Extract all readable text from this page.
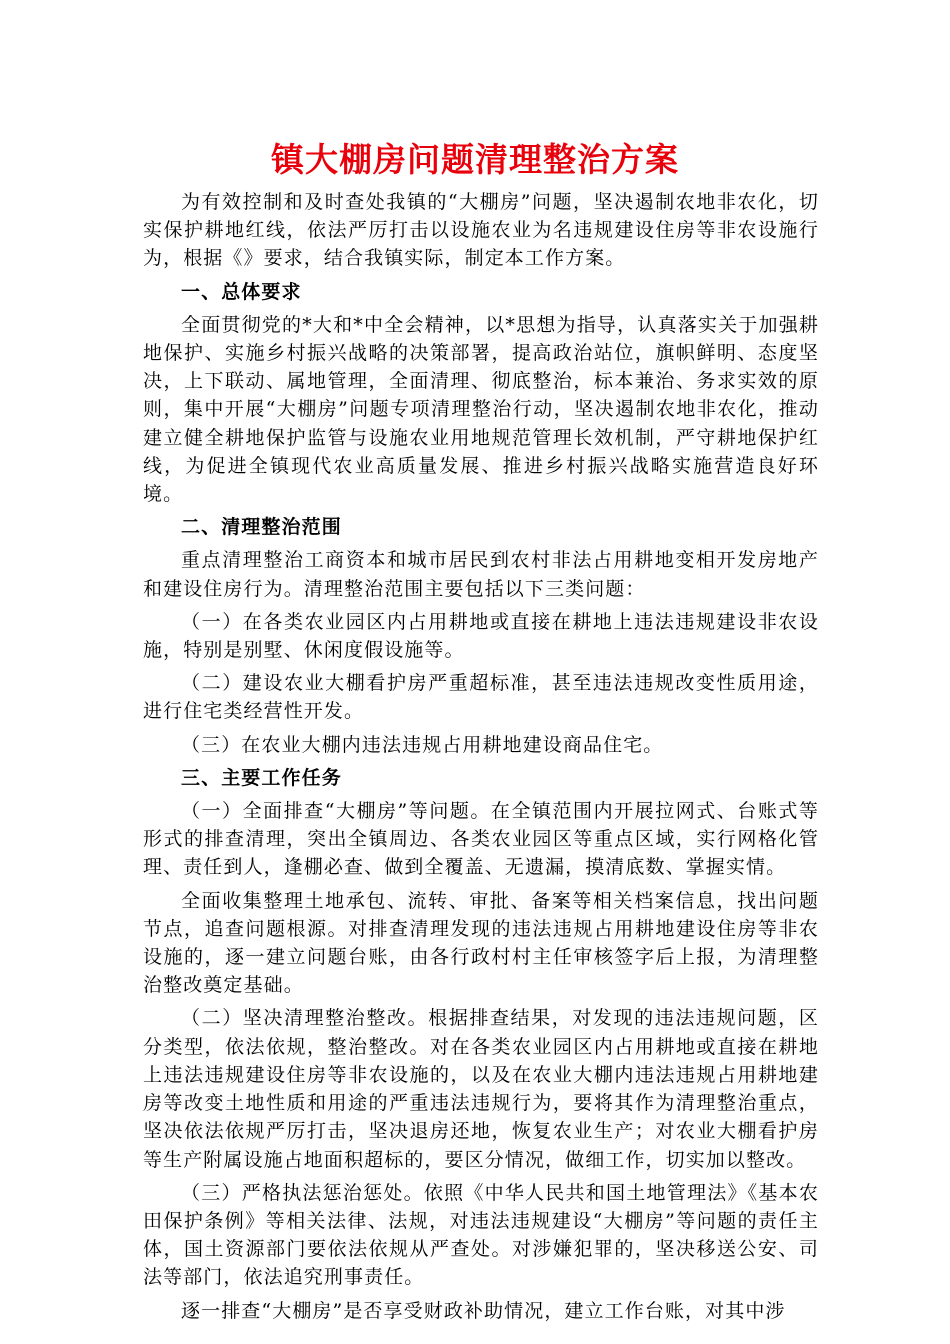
镇大棚房问题清理整治方案

为有效控制和及时查处我镇的“大棚房”问题，坚决遏制农地非农化，切实保护耕地红线，依法严厉打击以设施农业为名违规建设住房等非农设施行为，根据《》要求，结合我镇实际，制定本工作方案。

一、总体要求

全面贯彻党的*大和*中全会精神，以*思想为指导，认真落实关于加强耕地保护、实施乡村振兴战略的决策部署，提高政治站位，旗帜鲜明、态度坚决，上下联动、属地管理，全面清理、彻底整治，标本兼治、务求实效的原则，集中开展“大棚房”问题专项清理整治行动，坚决遏制农地非农化，推动建立健全耕地保护监管与设施农业用地规范管理长效机制，严守耕地保护红线，为促进全镇现代农业高质量发展、推进乡村振兴战略实施营造良好环境。

二、清理整治范围

重点清理整治工商资本和城市居民到农村非法占用耕地变相开发房地产和建设住房行为。清理整治范围主要包括以下三类问题：

（一）在各类农业园区内占用耕地或直接在耕地上违法违规建设非农设施，特别是别墅、休闲度假设施等。

（二）建设农业大棚看护房严重超标准，甚至违法违规改变性质用途，进行住宅类经营性开发。

（三）在农业大棚内违法违规占用耕地建设商品住宅。

三、主要工作任务

（一）全面排查“大棚房”等问题。在全镇范围内开展拉网式、台账式等形式的排查清理，突出全镇周边、各类农业园区等重点区域，实行网格化管理、责任到人，逢棚必查、做到全覆盖、无遗漏，摸清底数、掌握实情。

全面收集整理土地承包、流转、审批、备案等相关档案信息，找出问题节点，追查问题根源。对排查清理发现的违法违规占用耕地建设住房等非农设施的，逐一建立问题台账，由各行政村村主任审核签字后上报，为清理整治整改奠定基础。

（二）坚决清理整治整改。根据排查结果，对发现的违法违规问题，区分类型，依法依规，整治整改。对在各类农业园区内占用耕地或直接在耕地上违法违规建设住房等非农设施的，以及在农业大棚内违法违规占用耕地建房等改变土地性质和用途的严重违法违规行为，要将其作为清理整治重点，坚决依法依规严厉打击，坚决退房还地，恢复农业生产；对农业大棚看护房等生产附属设施占地面积超标的，要区分情况，做细工作，切实加以整改。

（三）严格执法惩治惩处。依照《中华人民共和国土地管理法》《基本农田保护条例》等相关法律、法规，对违法违规建设“大棚房”等问题的责任主体，国土资源部门要依法依规从严查处。对涉嫌犯罪的，坚决移送公安、司法等部门，依法追究刑事责任。

逐一排查“大棚房”是否享受财政补助情况，建立工作台账，对其中涉
